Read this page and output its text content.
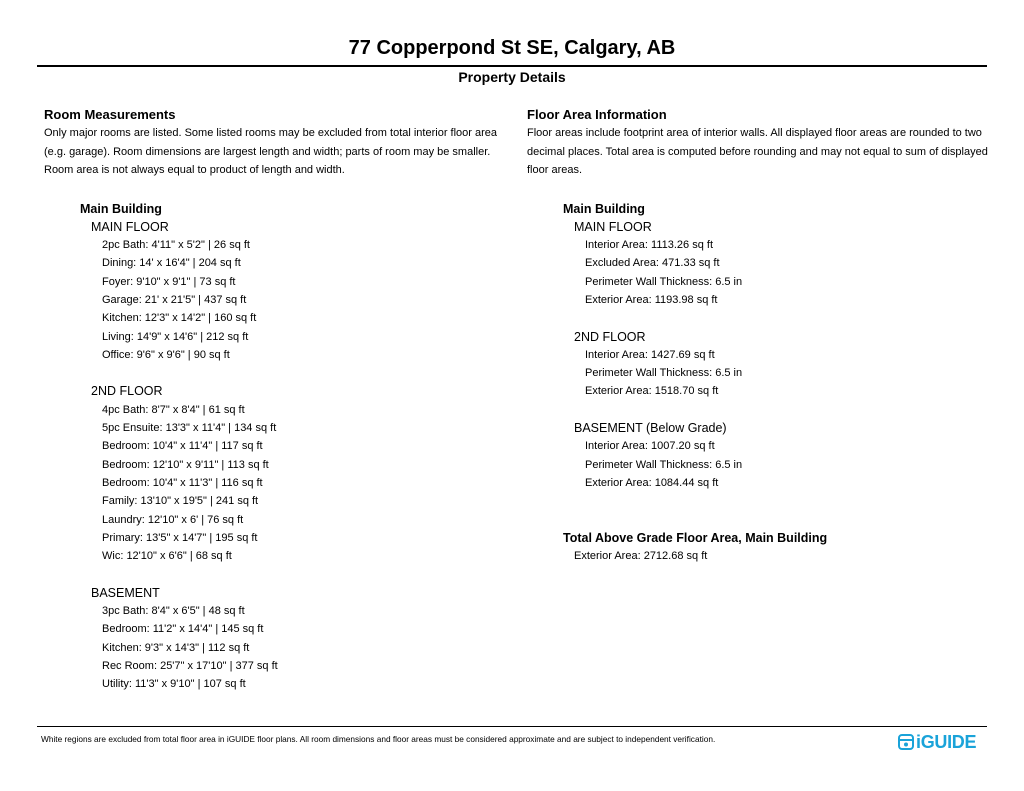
77 Copperpond St SE, Calgary, AB
Property Details
Room Measurements
Only major rooms are listed. Some listed rooms may be excluded from total interior floor area (e.g. garage). Room dimensions are largest length and width; parts of room may be smaller. Room area is not always equal to product of length and width.
Main Building
MAIN FLOOR
2pc Bath: 4'11" x 5'2" | 26 sq ft
Dining: 14' x 16'4" | 204 sq ft
Foyer: 9'10" x 9'1" | 73 sq ft
Garage: 21' x 21'5" | 437 sq ft
Kitchen: 12'3" x 14'2" | 160 sq ft
Living: 14'9" x 14'6" | 212 sq ft
Office: 9'6" x 9'6" | 90 sq ft
2ND FLOOR
4pc Bath: 8'7" x 8'4" | 61 sq ft
5pc Ensuite: 13'3" x 11'4" | 134 sq ft
Bedroom: 10'4" x 11'4" | 117 sq ft
Bedroom: 12'10" x 9'11" | 113 sq ft
Bedroom: 10'4" x 11'3" | 116 sq ft
Family: 13'10" x 19'5" | 241 sq ft
Laundry: 12'10" x 6' | 76 sq ft
Primary: 13'5" x 14'7" | 195 sq ft
Wic: 12'10" x 6'6" | 68 sq ft
BASEMENT
3pc Bath: 8'4" x 6'5" | 48 sq ft
Bedroom: 11'2" x 14'4" | 145 sq ft
Kitchen: 9'3" x 14'3" | 112 sq ft
Rec Room: 25'7" x 17'10" | 377 sq ft
Utility: 11'3" x 9'10" | 107 sq ft
Floor Area Information
Floor areas include footprint area of interior walls. All displayed floor areas are rounded to two decimal places. Total area is computed before rounding and may not equal to sum of displayed floor areas.
Main Building
MAIN FLOOR
Interior Area: 1113.26 sq ft
Excluded Area: 471.33 sq ft
Perimeter Wall Thickness: 6.5 in
Exterior Area: 1193.98 sq ft
2ND FLOOR
Interior Area: 1427.69 sq ft
Perimeter Wall Thickness: 6.5 in
Exterior Area: 1518.70 sq ft
BASEMENT (Below Grade)
Interior Area: 1007.20 sq ft
Perimeter Wall Thickness: 6.5 in
Exterior Area: 1084.44 sq ft
Total Above Grade Floor Area, Main Building
Exterior Area: 2712.68 sq ft
White regions are excluded from total floor area in iGUIDE floor plans. All room dimensions and floor areas must be considered approximate and are subject to independent verification.	iGUIDE
